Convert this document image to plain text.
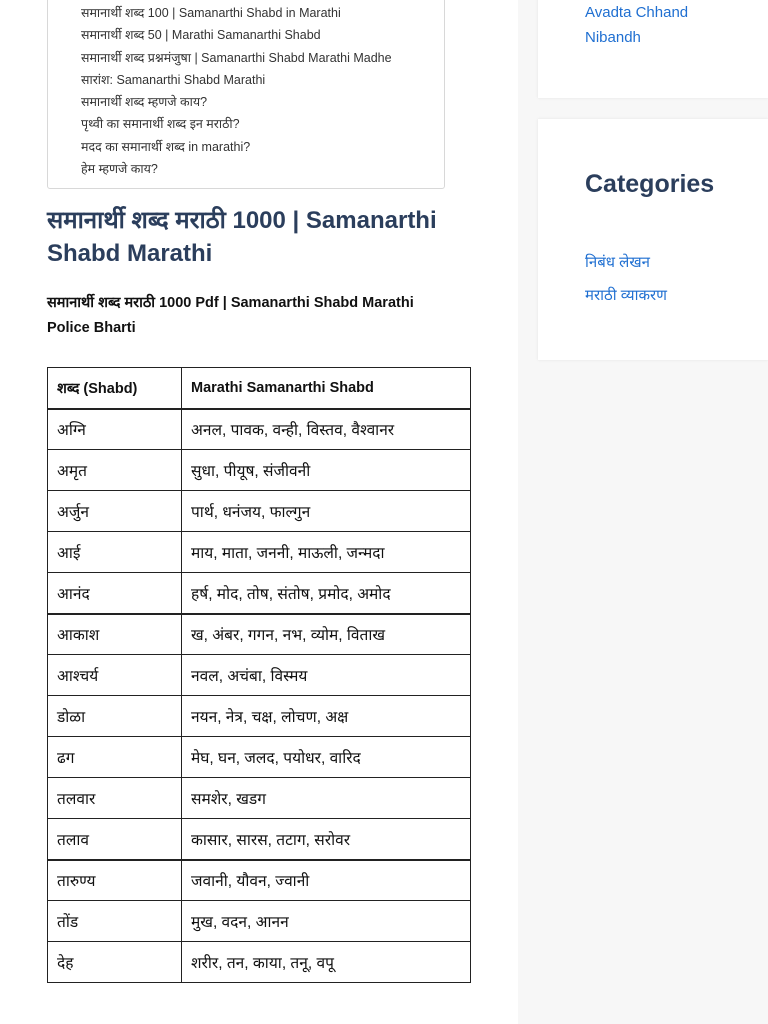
समानार्थी शब्द 100 | Samanarthi Shabd in Marathi
समानार्थी शब्द 50 | Marathi Samanarthi Shabd
समानार्थी शब्द प्रश्नमंजुषा | Samanarthi Shabd Marathi Madhe
सारांश: Samanarthi Shabd Marathi
समानार्थी शब्द म्हणजे काय?
पृथ्वी का समानार्थी शब्द इन मराठी?
मदद का समानार्थी शब्द in marathi?
हेम म्हणजे काय?
समानार्थी शब्द मराठी 1000 | Samanarthi Shabd Marathi

समानार्थी शब्द मराठी 1000 Pdf | Samanarthi Shabd Marathi Police Bharti

शब्द (Shabd)	Marathi Samanarthi Shabd
अग्नि	अनल, पावक, वन्ही, विस्तव, वैश्वानर
अमृत	सुधा, पीयूष, संजीवनी
अर्जुन	पार्थ, धनंजय, फाल्गुन
आई	माय, माता, जननी, माऊली, जन्मदा
आनंद	हर्ष, मोद, तोष, संतोष, प्रमोद, अमोद
आकाश	ख, अंबर, गगन, नभ, व्योम, विताख
आश्चर्य	नवल, अचंबा, विस्मय
डोळा	नयन, नेत्र, चक्ष, लोचण, अक्ष
ढग	मेघ, घन, जलद, पयोधर, वारिद
तलवार	समशेर, खडग
तलाव	कासार, सारस, तटाग, सरोवर
तारुण्य	जवानी, यौवन, ज्वानी
तोंड	मुख, वदन, आनन
देह	शरीर, तन, काया, तनू, वपू
Avadta Chhand Nibandh
Categories
निबंध लेखन
मराठी व्याकरण
